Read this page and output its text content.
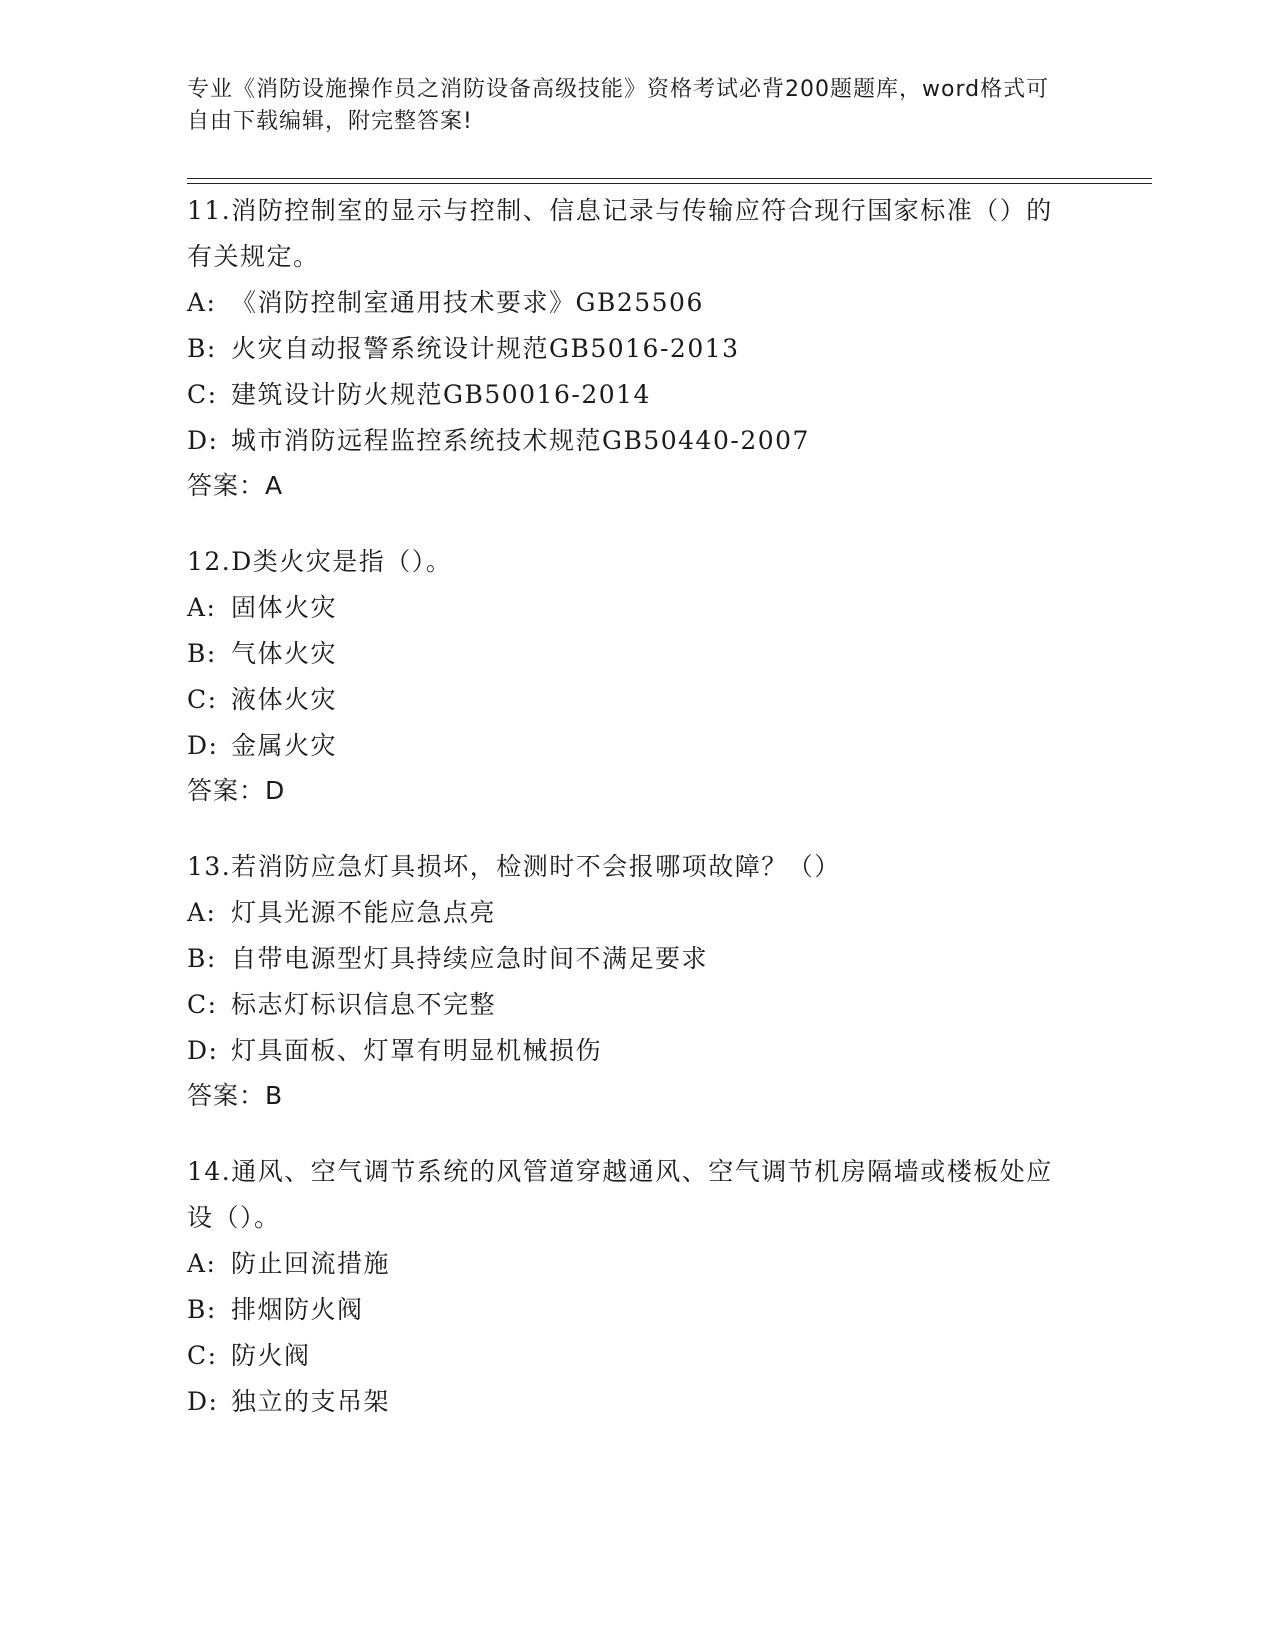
专业《消防设施操作员之消防设备高级技能》资格考试必背200题题库，word格式可自由下载编辑，附完整答案!
11.消防控制室的显示与控制、信息记录与传输应符合现行国家标准（）的有关规定。
A: 《消防控制室通用技术要求》GB25506
B: 火灾自动报警系统设计规范GB5016-2013
C: 建筑设计防火规范GB50016-2014
D: 城市消防远程监控系统技术规范GB50440-2007
答案：A
12.D类火灾是指（）。
A: 固体火灾
B: 气体火灾
C: 液体火灾
D: 金属火灾
答案：D
13.若消防应急灯具损坏，检测时不会报哪项故障？（）
A: 灯具光源不能应急点亮
B: 自带电源型灯具持续应急时间不满足要求
C: 标志灯标识信息不完整
D: 灯具面板、灯罩有明显机械损伤
答案：B
14.通风、空气调节系统的风管道穿越通风、空气调节机房隔墙或楼板处应设（）。
A: 防止回流措施
B: 排烟防火阀
C: 防火阀
D: 独立的支吊架
